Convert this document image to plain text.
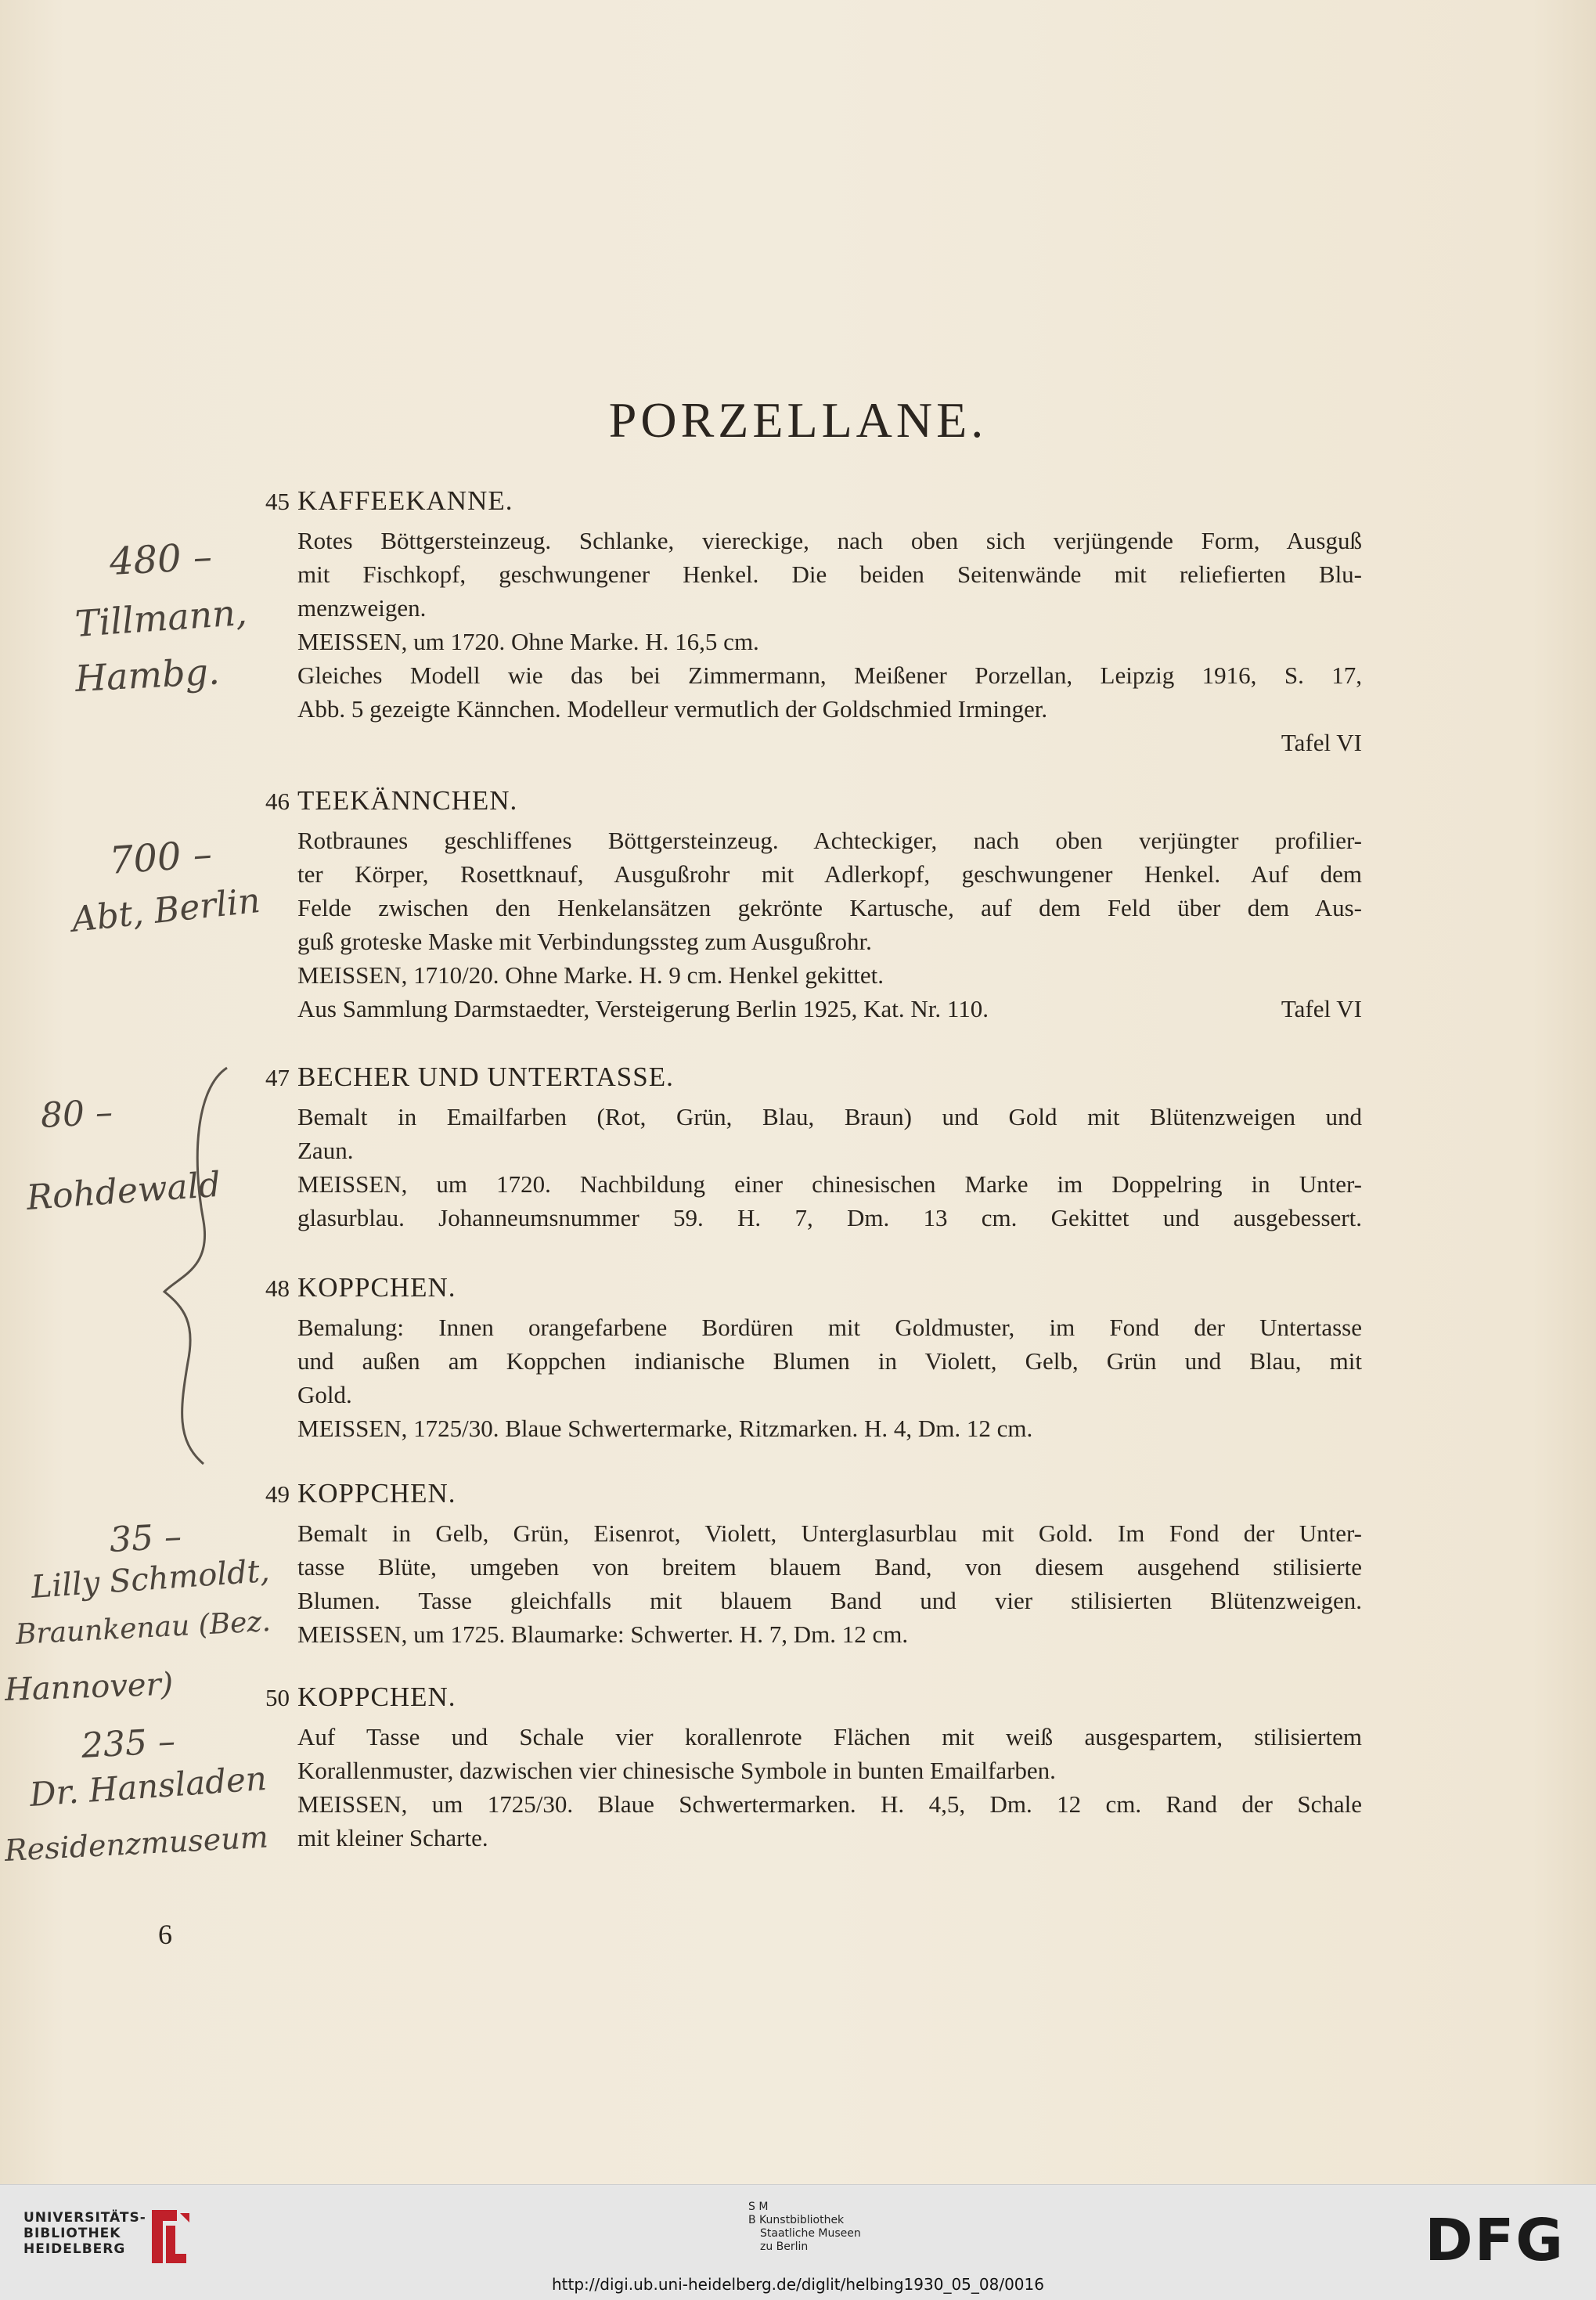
PORZELLANE.
45 KAFFEEKANNE.
Rotes Böttgersteinzeug. Schlanke, viereckige, nach oben sich verjüngende Form, Ausguß
mit Fischkopf, geschwungener Henkel. Die beiden Seitenwände mit reliefierten Blu-
menzweigen.
MEISSEN, um 1720. Ohne Marke. H. 16,5 cm.
Gleiches Modell wie das bei Zimmermann, Meißener Porzellan, Leipzig 1916, S. 17,
Abb. 5 gezeigte Kännchen. Modelleur vermutlich der Goldschmied Irminger.
Tafel VI
46 TEEKÄNNCHEN.
Rotbraunes geschliffenes Böttgersteinzeug. Achteckiger, nach oben verjüngter profilier-
ter Körper, Rosettknauf, Ausgußrohr mit Adlerkopf, geschwungener Henkel. Auf dem
Felde zwischen den Henkelansätzen gekrönte Kartusche, auf dem Feld über dem Aus-
guß groteske Maske mit Verbindungssteg zum Ausgußrohr.
MEISSEN, 1710/20. Ohne Marke. H. 9 cm. Henkel gekittet.
Aus Sammlung Darmstaedter, Versteigerung Berlin 1925, Kat. Nr. 110.	Tafel VI
47 BECHER UND UNTERTASSE.
Bemalt in Emailfarben (Rot, Grün, Blau, Braun) und Gold mit Blütenzweigen und
Zaun.
MEISSEN, um 1720. Nachbildung einer chinesischen Marke im Doppelring in Unter-
glasurblau. Johanneumsnummer 59. H. 7, Dm. 13 cm. Gekittet und ausgebessert.
48 KOPPCHEN.
Bemalung: Innen orangefarbene Bordüren mit Goldmuster, im Fond der Untertasse
und außen am Koppchen indianische Blumen in Violett, Gelb, Grün und Blau, mit
Gold.
MEISSEN, 1725/30. Blaue Schwertermarke, Ritzmarken. H. 4, Dm. 12 cm.
49 KOPPCHEN.
Bemalt in Gelb, Grün, Eisenrot, Violett, Unterglasurblau mit Gold. Im Fond der Unter-
tasse Blüte, umgeben von breitem blauem Band, von diesem ausgehend stilisierte
Blumen. Tasse gleichfalls mit blauem Band und vier stilisierten Blütenzweigen.
MEISSEN, um 1725. Blaumarke: Schwerter. H. 7, Dm. 12 cm.
50 KOPPCHEN.
Auf Tasse und Schale vier korallenrote Flächen mit weiß ausgespartem, stilisiertem
Korallenmuster, dazwischen vier chinesische Symbole in bunten Emailfarben.
MEISSEN, um 1725/30. Blaue Schwertermarken. H. 4,5, Dm. 12 cm. Rand der Schale
mit kleiner Scharte.
480 –
Tillmann,
Hambg.
700 –
Abt, Berlin
80 –
Rohdewald
35 –
Lilly Schmoldt,
Braunkenau (Bez.
Hannover)
235 –
Dr. Hansladen
Residenzmuseum
6
UNIVERSITÄTS-
BIBLIOTHEK
HEIDELBERG
S M
B Kunstbibliothek
Staatliche Museen
zu Berlin	DFG
http://digi.ub.uni-heidelberg.de/diglit/helbing1930_05_08/0016
